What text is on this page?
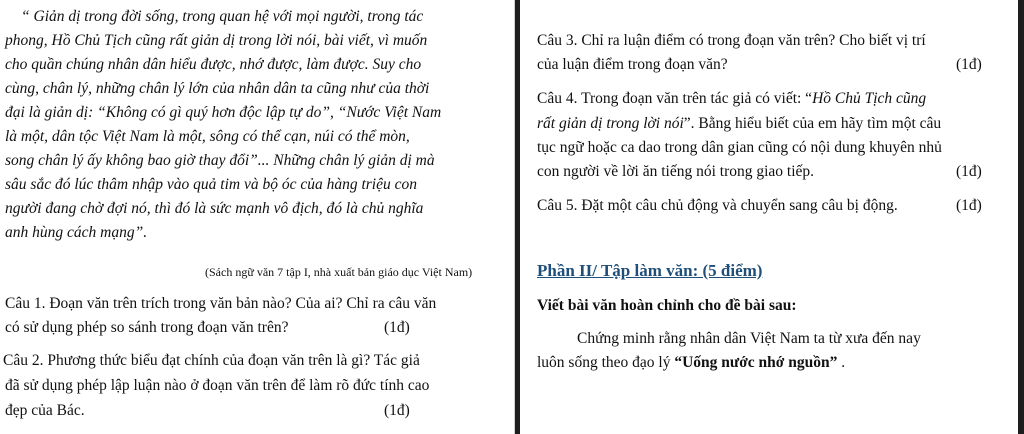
“ Giản dị trong đời sống, trong quan hệ với mọi người, trong tác
phong, Hồ Chủ Tịch cũng rất giản dị trong lời nói, bài viết, vì muốn
cho quần chúng nhân dân hiểu được, nhớ được, làm được. Suy cho
cùng, chân lý, những chân lý lớn của nhân dân ta cũng như của thời
đại là giản dị: “Không có gì quý hơn độc lập tự do”, “Nước Việt Nam
là một, dân tộc Việt Nam là một, sông có thể cạn, núi có thể mòn,
song chân lý ấy không bao giờ thay đổi”... Những chân lý giản dị mà
sâu sắc đó lúc thâm nhập vào quả tim và bộ óc của hàng triệu con
người đang chờ đợi nó, thì đó là sức mạnh vô địch, đó là chủ nghĩa
anh hùng cách mạng”.
(Sách ngữ văn 7 tập I, nhà xuất bản giáo dục Việt Nam)
Câu 1. Đoạn văn trên trích trong văn bản nào? Của ai? Chỉ ra câu văn
có sử dụng phép so sánh trong đoạn văn trên?	(1đ)
Câu 2. Phương thức biểu đạt chính của đoạn văn trên là gì? Tác giả
đã sử dụng phép lập luận nào ở đoạn văn trên để làm rõ đức tính cao
đẹp của Bác.	(1đ)
Câu 3. Chỉ ra luận điểm có trong đoạn văn trên? Cho biết vị trí
của luận điểm trong đoạn văn?	(1đ)
Câu 4. Trong đoạn văn trên tác giả có viết: “Hồ Chủ Tịch cũng
rất giản dị trong lời nói”. Bằng hiểu biết của em hãy tìm một câu
tục ngữ hoặc ca dao trong dân gian cũng có nội dung khuyên nhủ
con người về lời ăn tiếng nói trong giao tiếp.	(1đ)
Câu 5. Đặt một câu chủ động và chuyển sang câu bị động.	(1đ)
Phần II/ Tập làm văn: (5 điểm)
Viết bài văn hoàn chỉnh cho đề bài sau:
Chứng minh rằng nhân dân Việt Nam ta từ xưa đến nay
luôn sống theo đạo lý “Uống nước nhớ nguồn” .
